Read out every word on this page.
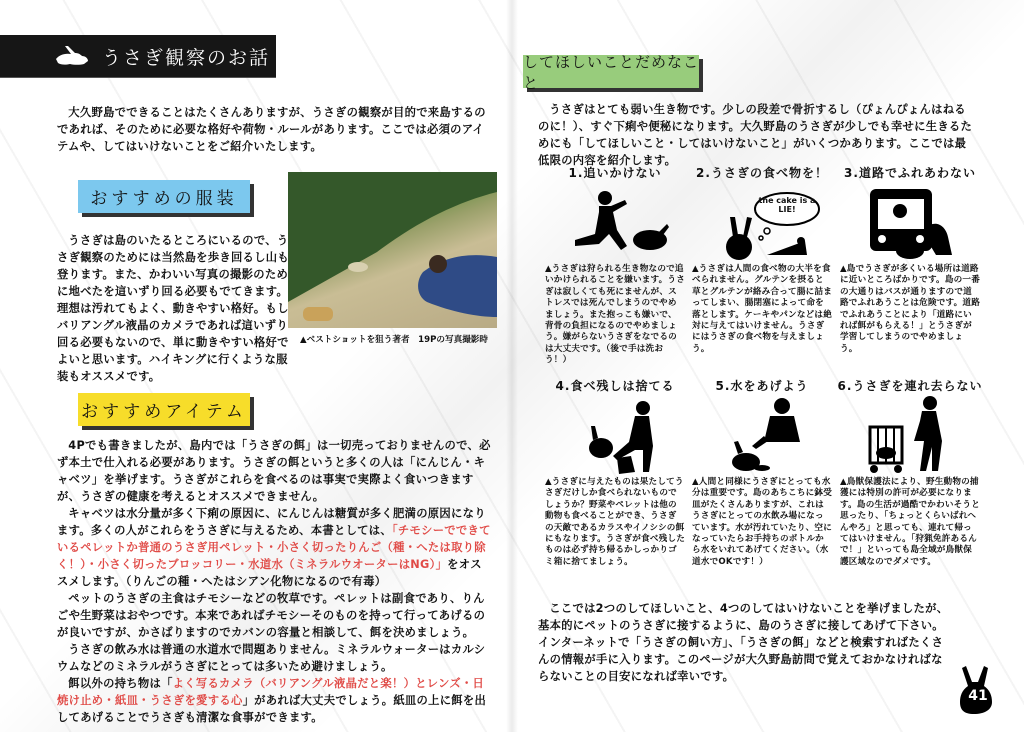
うさぎ観察のお話

大久野島でできることはたくさんありますが、うさぎの観察が目的で来島するのであれば、そのために必要な格好や荷物・ルールがあります。ここでは必須のアイテムや、してはいけないことをご紹介いたします。

おすすめの服装

うさぎは島のいたるところにいるので、うさぎ観察のためには当然島を歩き回るし山も登ります。また、かわいい写真の撮影のために地べたを這いずり回る必要もでてきます。理想は汚れてもよく、動きやすい格好。もしバリアングル液晶のカメラであれば這いずり回る必要もないので、単に動きやすい格好でよいと思います。ハイキングに行くような服装もオススメです。

▲ベストショットを狙う著者　19Pの写真撮影時
おすすめアイテム

4Pでも書きましたが、島内では「うさぎの餌」は一切売っておりませんので、必ず本土で仕入れる必要があります。うさぎの餌というと多くの人は「にんじん・キャベツ」を挙げます。うさぎがこれらを食べるのは事実で実際よく食いつきますが、うさぎの健康を考えるとオススメできません。

キャベツは水分量が多く下痢の原因に、にんじんは糖質が多く肥満の原因になります。多くの人がこれらをうさぎに与えるため、本書としては、「チモシーでできているペレットか普通のうさぎ用ペレット・小さく切ったりんご（種・へたは取り除く！）・小さく切ったブロッコリー・水道水（ミネラルウオーターはNG）」をオススメします。（りんごの種・へたはシアン化物になるので有毒）

ペットのうさぎの主食はチモシーなどの牧草です。ペレットは副食であり、りんごや生野菜はおやつです。本来であればチモシーそのものを持って行ってあげるのが良いですが、かさばりますのでカバンの容量と相談して、餌を決めましょう。

うさぎの飲み水は普通の水道水で問題ありません。ミネラルウォーターはカルシウムなどのミネラルがうさぎにとっては多いため避けましょう。

餌以外の持ち物は「よく写るカメラ（バリアングル液晶だと楽！）とレンズ・日焼け止め・紙皿・うさぎを愛する心」があれば大丈夫でしょう。紙皿の上に餌を出してあげることでうさぎも清潔な食事ができます。

してほしいことだめなこと

うさぎはとても弱い生き物です。少しの段差で骨折するし（ぴょんぴょんはねるのに！）、すぐ下痢や便秘になります。大久野島のうさぎが少しでも幸せに生きるためにも「してほしいこと・してはいけないこと」がいくつかあります。ここでは最低限の内容を紹介します。

1.追いかけない

▲うさぎは狩られる生き物なので追いかけられることを嫌います。うさぎは寂しくても死にませんが、ストレスでは死んでしまうのでやめましょう。また抱っこも嫌いで、背骨の負担になるのでやめましょう。嫌がらないうさぎをなでるのは大丈夫です。（後で手は洗おう！）

2.うさぎの食べ物を！
the cake is a LIE!

▲うさぎは人間の食べ物の大半を食べられません。グルテンを摂ると草とグルテンが絡み合って腸に詰まってしまい、腸閉塞によって命を落とします。ケーキやパンなどは絶対に与えてはいけません。うさぎにはうさぎの食べ物を与えましょう。

3.道路でふれあわない

▲島でうさぎが多くいる場所は道路に近いところばかりです。島の一番の大通りはバスが通りますので道路でふれあうことは危険です。道路でふれあうことにより「道路にいれば餌がもらえる！」とうさぎが学習してしまうのでやめましょう。

4.食べ残しは捨てる

▲うさぎに与えたものは果たしてうさぎだけしか食べられないものでしょうか？野菜やペレットは他の動物も食べることができ、うさぎの天敵であるカラスやイノシシの餌にもなります。うさぎが食べ残したものは必ず持ち帰るかしっかりゴミ箱に捨てましょう。

5.水をあげよう

▲人間と同様にうさぎにとっても水分は重要です。島のあちこちに鉢受皿がたくさんありますが、これはうさぎにとっての水飲み場になっています。水が汚れていたり、空になっていたらお手持ちのボトルから水をいれてあげてください。（水道水でOKです！）

6.うさぎを連れ去らない

▲鳥獣保護法により、野生動物の捕獲には特別の許可が必要になります。島の生活が過酷でかわいそうと思ったり、「ちょっとくらいばれへんやろ」と思っても、連れて帰ってはいけません。「狩猟免許あるんで！」といっても島全域が鳥獣保護区域なのでダメです。

ここでは2つのしてほしいこと、4つのしてはいけないことを挙げましたが、基本的にペットのうさぎに接するように、島のうさぎに接してあげて下さい。インターネットで「うさぎの飼い方」、「うさぎの餌」などと検索すればたくさんの情報が手に入ります。このページが大久野島訪問で覚えておかなければならないことの目安になれば幸いです。

41
